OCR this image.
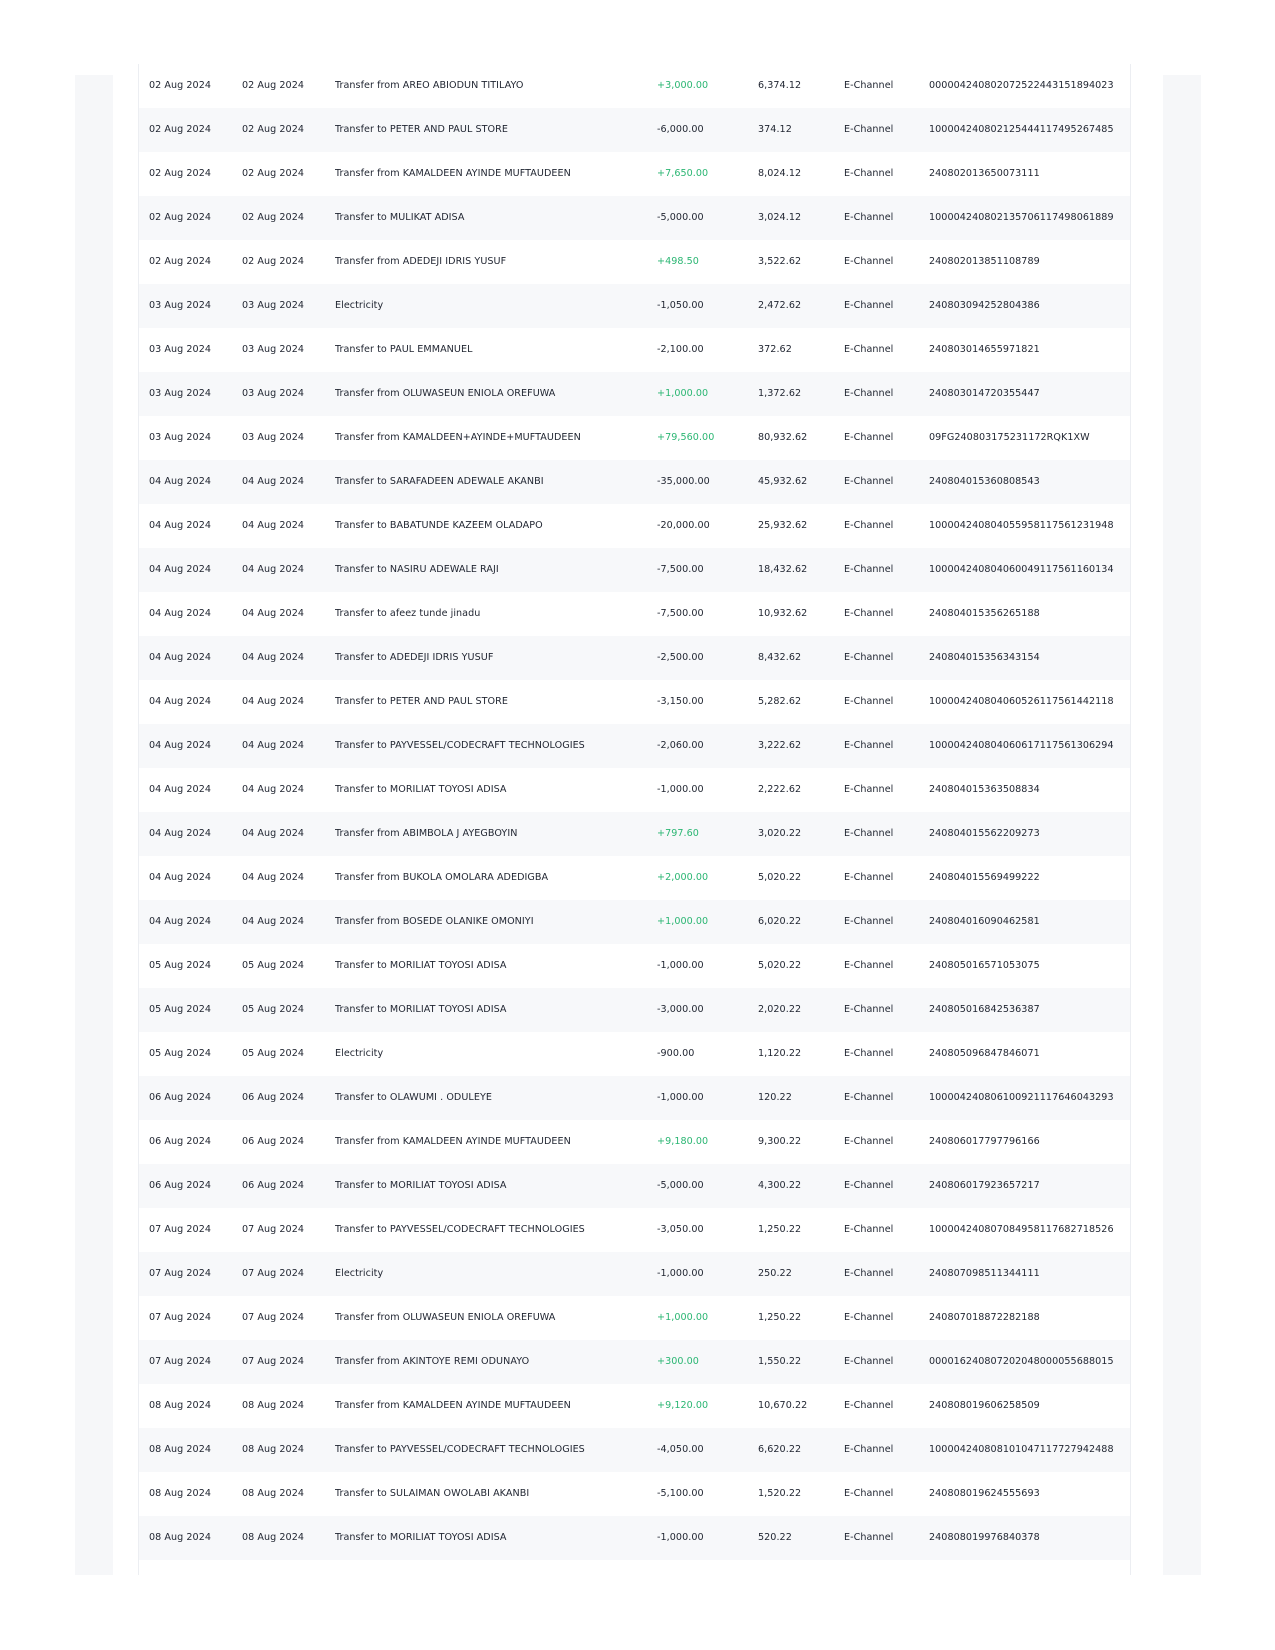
02 Aug 2024	02 Aug 2024	Transfer from AREO ABIODUN TITILAYO	+3,000.00	6,374.12	E-Channel	000004240802072522443151894023
02 Aug 2024	02 Aug 2024	Transfer to PETER AND PAUL STORE	-6,000.00	374.12	E-Channel	100004240802125444117495267485
02 Aug 2024	02 Aug 2024	Transfer from KAMALDEEN AYINDE MUFTAUDEEN	+7,650.00	8,024.12	E-Channel	240802013650073111
02 Aug 2024	02 Aug 2024	Transfer to MULIKAT ADISA	-5,000.00	3,024.12	E-Channel	100004240802135706117498061889
02 Aug 2024	02 Aug 2024	Transfer from ADEDEJI IDRIS YUSUF	+498.50	3,522.62	E-Channel	240802013851108789
03 Aug 2024	03 Aug 2024	Electricity	-1,050.00	2,472.62	E-Channel	240803094252804386
03 Aug 2024	03 Aug 2024	Transfer to PAUL EMMANUEL	-2,100.00	372.62	E-Channel	240803014655971821
03 Aug 2024	03 Aug 2024	Transfer from OLUWASEUN ENIOLA OREFUWA	+1,000.00	1,372.62	E-Channel	240803014720355447
03 Aug 2024	03 Aug 2024	Transfer from KAMALDEEN+AYINDE+MUFTAUDEEN	+79,560.00	80,932.62	E-Channel	09FG240803175231172RQK1XW
04 Aug 2024	04 Aug 2024	Transfer to SARAFADEEN ADEWALE AKANBI	-35,000.00	45,932.62	E-Channel	240804015360808543
04 Aug 2024	04 Aug 2024	Transfer to BABATUNDE KAZEEM OLADAPO	-20,000.00	25,932.62	E-Channel	100004240804055958117561231948
04 Aug 2024	04 Aug 2024	Transfer to NASIRU ADEWALE RAJI	-7,500.00	18,432.62	E-Channel	100004240804060049117561160134
04 Aug 2024	04 Aug 2024	Transfer to afeez tunde jinadu	-7,500.00	10,932.62	E-Channel	240804015356265188
04 Aug 2024	04 Aug 2024	Transfer to ADEDEJI IDRIS YUSUF	-2,500.00	8,432.62	E-Channel	240804015356343154
04 Aug 2024	04 Aug 2024	Transfer to PETER AND PAUL STORE	-3,150.00	5,282.62	E-Channel	100004240804060526117561442118
04 Aug 2024	04 Aug 2024	Transfer to PAYVESSEL/CODECRAFT TECHNOLOGIES	-2,060.00	3,222.62	E-Channel	100004240804060617117561306294
04 Aug 2024	04 Aug 2024	Transfer to MORILIAT TOYOSI ADISA	-1,000.00	2,222.62	E-Channel	240804015363508834
04 Aug 2024	04 Aug 2024	Transfer from ABIMBOLA J AYEGBOYIN	+797.60	3,020.22	E-Channel	240804015562209273
04 Aug 2024	04 Aug 2024	Transfer from BUKOLA OMOLARA ADEDIGBA	+2,000.00	5,020.22	E-Channel	240804015569499222
04 Aug 2024	04 Aug 2024	Transfer from BOSEDE OLANIKE OMONIYI	+1,000.00	6,020.22	E-Channel	240804016090462581
05 Aug 2024	05 Aug 2024	Transfer to MORILIAT TOYOSI ADISA	-1,000.00	5,020.22	E-Channel	240805016571053075
05 Aug 2024	05 Aug 2024	Transfer to MORILIAT TOYOSI ADISA	-3,000.00	2,020.22	E-Channel	240805016842536387
05 Aug 2024	05 Aug 2024	Electricity	-900.00	1,120.22	E-Channel	240805096847846071
06 Aug 2024	06 Aug 2024	Transfer to OLAWUMI . ODULEYE	-1,000.00	120.22	E-Channel	100004240806100921117646043293
06 Aug 2024	06 Aug 2024	Transfer from KAMALDEEN AYINDE MUFTAUDEEN	+9,180.00	9,300.22	E-Channel	240806017797796166
06 Aug 2024	06 Aug 2024	Transfer to MORILIAT TOYOSI ADISA	-5,000.00	4,300.22	E-Channel	240806017923657217
07 Aug 2024	07 Aug 2024	Transfer to PAYVESSEL/CODECRAFT TECHNOLOGIES	-3,050.00	1,250.22	E-Channel	100004240807084958117682718526
07 Aug 2024	07 Aug 2024	Electricity	-1,000.00	250.22	E-Channel	240807098511344111
07 Aug 2024	07 Aug 2024	Transfer from OLUWASEUN ENIOLA OREFUWA	+1,000.00	1,250.22	E-Channel	240807018872282188
07 Aug 2024	07 Aug 2024	Transfer from AKINTOYE REMI ODUNAYO	+300.00	1,550.22	E-Channel	000016240807202048000055688015
08 Aug 2024	08 Aug 2024	Transfer from KAMALDEEN AYINDE MUFTAUDEEN	+9,120.00	10,670.22	E-Channel	240808019606258509
08 Aug 2024	08 Aug 2024	Transfer to PAYVESSEL/CODECRAFT TECHNOLOGIES	-4,050.00	6,620.22	E-Channel	100004240808101047117727942488
08 Aug 2024	08 Aug 2024	Transfer to SULAIMAN OWOLABI AKANBI	-5,100.00	1,520.22	E-Channel	240808019624555693
08 Aug 2024	08 Aug 2024	Transfer to MORILIAT TOYOSI ADISA	-1,000.00	520.22	E-Channel	240808019976840378
